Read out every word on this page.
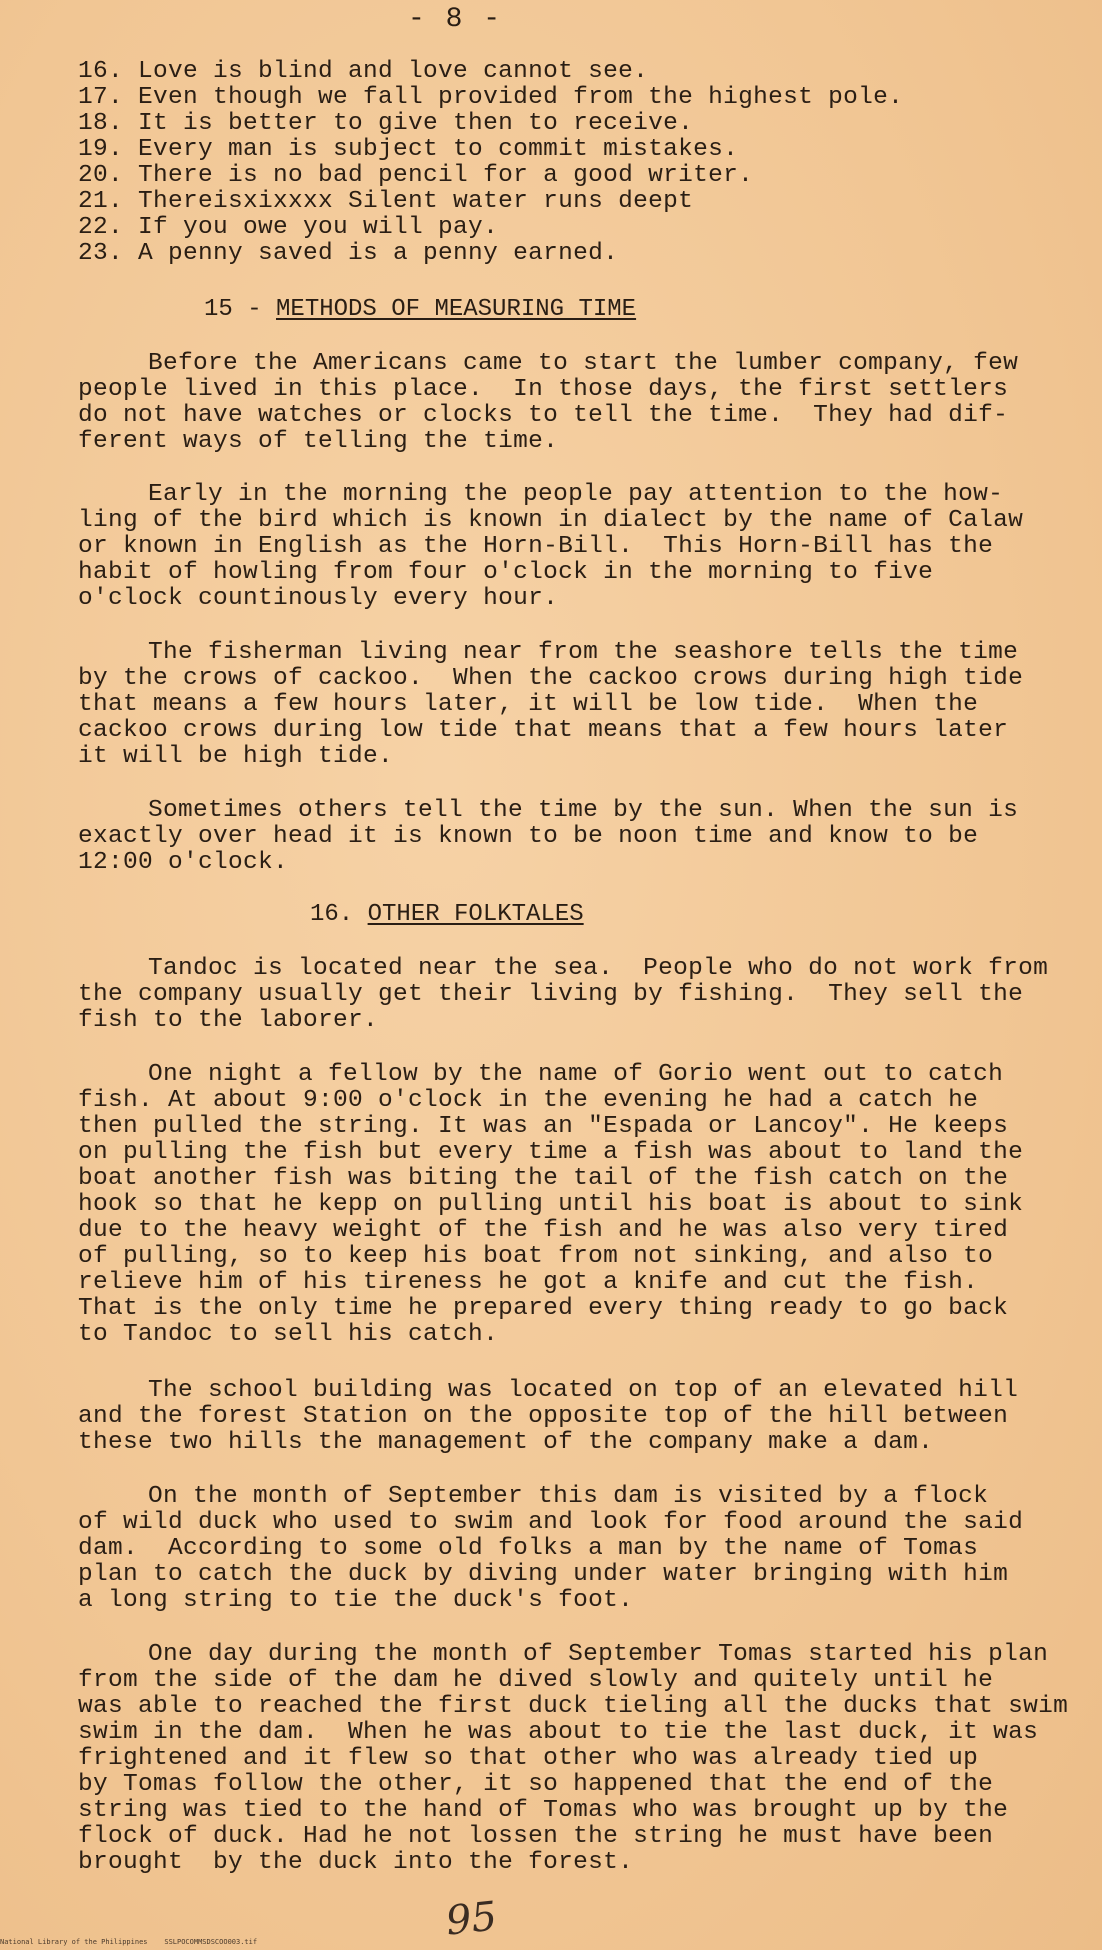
- 8 -
16. Love is blind and love cannot see.
17. Even though we fall provided from the highest pole.
18. It is better to give then to receive.
19. Every man is subject to commit mistakes.
20. There is no bad pencil for a good writer.
21. Thereisxixxxx Silent water runs deept
22. If you owe you will pay.
23. A penny saved is a penny earned.
15 - METHODS OF MEASURING TIME
Before the Americans came to start the lumber company, few
people lived in this place.  In those days, the first settlers
do not have watches or clocks to tell the time.  They had dif-
ferent ways of telling the time.
Early in the morning the people pay attention to the how-
ling of the bird which is known in dialect by the name of Calaw
or known in English as the Horn-Bill.  This Horn-Bill has the
habit of howling from four o'clock in the morning to five
o'clock countinously every hour.
The fisherman living near from the seashore tells the time
by the crows of cackoo.  When the cackoo crows during high tide
that means a few hours later, it will be low tide.  When the
cackoo crows during low tide that means that a few hours later
it will be high tide.
Sometimes others tell the time by the sun. When the sun is
exactly over head it is known to be noon time and know to be
12:00 o'clock.
16. OTHER FOLKTALES
Tandoc is located near the sea.  People who do not work from
the company usually get their living by fishing.  They sell the
fish to the laborer.
One night a fellow by the name of Gorio went out to catch
fish. At about 9:00 o'clock in the evening he had a catch he
then pulled the string. It was an "Espada or Lancoy". He keeps
on pulling the fish but every time a fish was about to land the
boat another fish was biting the tail of the fish catch on the
hook so that he kepp on pulling until his boat is about to sink
due to the heavy weight of the fish and he was also very tired
of pulling, so to keep his boat from not sinking, and also to
relieve him of his tireness he got a knife and cut the fish.
That is the only time he prepared every thing ready to go back
to Tandoc to sell his catch.
The school building was located on top of an elevated hill
and the forest Station on the opposite top of the hill between
these two hills the management of the company make a dam.
On the month of September this dam is visited by a flock
of wild duck who used to swim and look for food around the said
dam.  According to some old folks a man by the name of Tomas
plan to catch the duck by diving under water bringing with him
a long string to tie the duck's foot.
One day during the month of September Tomas started his plan
from the side of the dam he dived slowly and quitely until he
was able to reached the first duck tieling all the ducks that swim
swim in the dam.  When he was about to tie the last duck, it was
frightened and it flew so that other who was already tied up
by Tomas follow the other, it so happened that the end of the
string was tied to the hand of Tomas who was brought up by the
flock of duck. Had he not lossen the string he must have been
brought  by the duck into the forest.
95
National Library of the Philippines    SSLPOCOMMSDSCOO003.tif
